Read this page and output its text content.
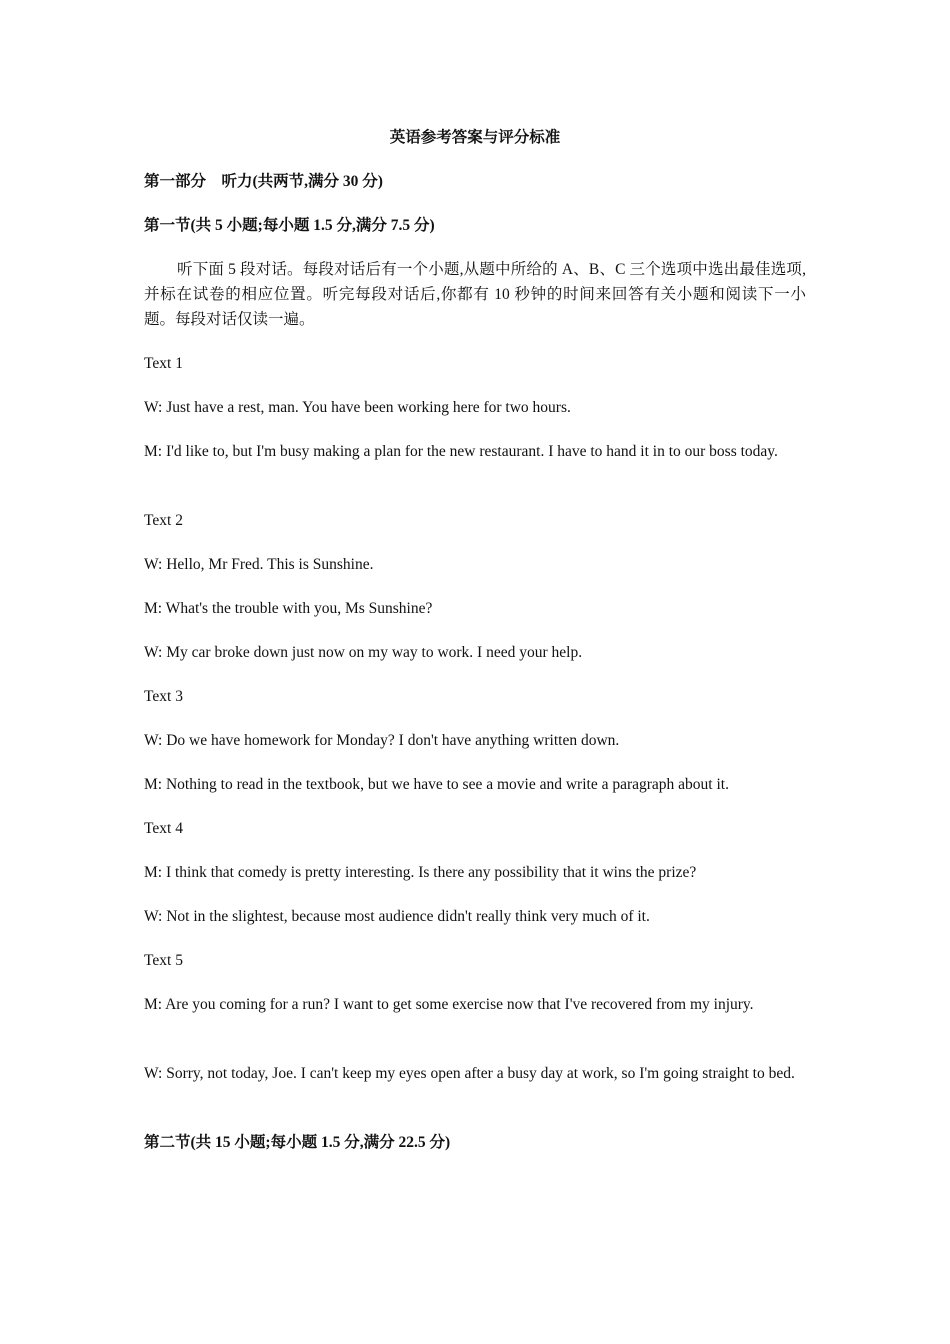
英语参考答案与评分标准
第一部分　听力(共两节,满分 30 分)
第一节(共 5 小题;每小题 1.5 分,满分 7.5 分)
听下面 5 段对话。每段对话后有一个小题,从题中所给的 A、B、C 三个选项中选出最佳选项,并标在试卷的相应位置。听完每段对话后,你都有 10 秒钟的时间来回答有关小题和阅读下一小题。每段对话仅读一遍。
Text 1
W: Just have a rest, man. You have been working here for two hours.
M: I'd like to, but I'm busy making a plan for the new restaurant. I have to hand it in to our boss today.
Text 2
W: Hello, Mr Fred. This is Sunshine.
M: What's the trouble with you, Ms Sunshine?
W: My car broke down just now on my way to work. I need your help.
Text 3
W: Do we have homework for Monday? I don't have anything written down.
M: Nothing to read in the textbook, but we have to see a movie and write a paragraph about it.
Text 4
M: I think that comedy is pretty interesting. Is there any possibility that it wins the prize?
W: Not in the slightest, because most audience didn't really think very much of it.
Text 5
M: Are you coming for a run? I want to get some exercise now that I've recovered from my injury.
W: Sorry, not today, Joe. I can't keep my eyes open after a busy day at work, so I'm going straight to bed.
第二节(共 15 小题;每小题 1.5 分,满分 22.5 分)
